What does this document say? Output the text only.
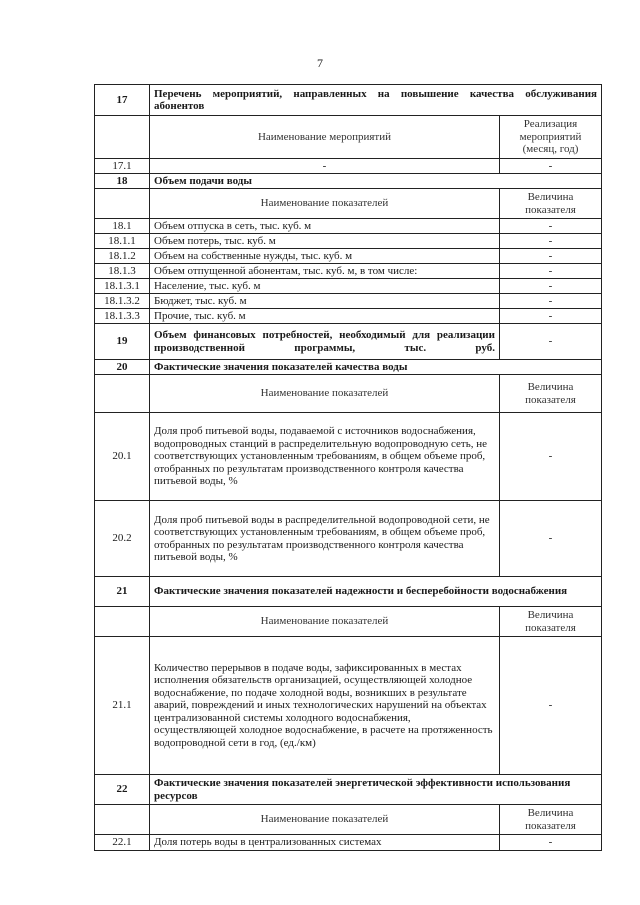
7
17	Перечень мероприятий, направленных на повышение качества обслуживания абонентов	
	Наименование мероприятий	Реализация мероприятий (месяц, год)
17.1	-	-
18	Объем подачи воды	
	Наименование показателей	Величина показателя
18.1	Объем отпуска в сеть, тыс. куб. м	-
18.1.1	Объем потерь, тыс. куб. м	-
18.1.2	Объем на собственные нужды, тыс. куб. м	-
18.1.3	Объем отпущенной абонентам, тыс. куб. м, в том числе:	-
18.1.3.1	Население, тыс. куб. м	-
18.1.3.2	Бюджет, тыс. куб. м	-
18.1.3.3	Прочие, тыс. куб. м	-
19	Объем финансовых потребностей, необходимый для реализации производственной программы, тыс. руб.	-
20	Фактические значения показателей качества воды	
	Наименование показателей	Величина показателя
20.1	Доля проб питьевой воды, подаваемой с источников водоснабжения, водопроводных станций в распределительную водопроводную сеть, не соответствующих установленным требованиям, в общем объеме проб, отобранных по результатам производственного контроля качества питьевой воды, %	-
20.2	Доля проб питьевой воды в распределительной водопроводной сети, не соответствующих установленным требованиям, в общем объеме проб, отобранных по результатам производственного контроля качества питьевой воды, %	-
21	Фактические значения показателей надежности и бесперебойности водоснабжения	
	Наименование показателей	Величина показателя
21.1	Количество перерывов в подаче воды, зафиксированных в местах исполнения обязательств организацией, осуществляющей холодное водоснабжение, по подаче холодной воды, возникших в результате аварий, повреждений и иных технологических нарушений на объектах централизованной системы холодного водоснабжения, осуществляющей холодное водоснабжение, в расчете на протяженность водопроводной сети в год, (ед./км)	-
22	Фактические значения показателей энергетической эффективности использования ресурсов	
	Наименование показателей	Величина показателя
22.1	Доля потерь воды в централизованных системах	-
